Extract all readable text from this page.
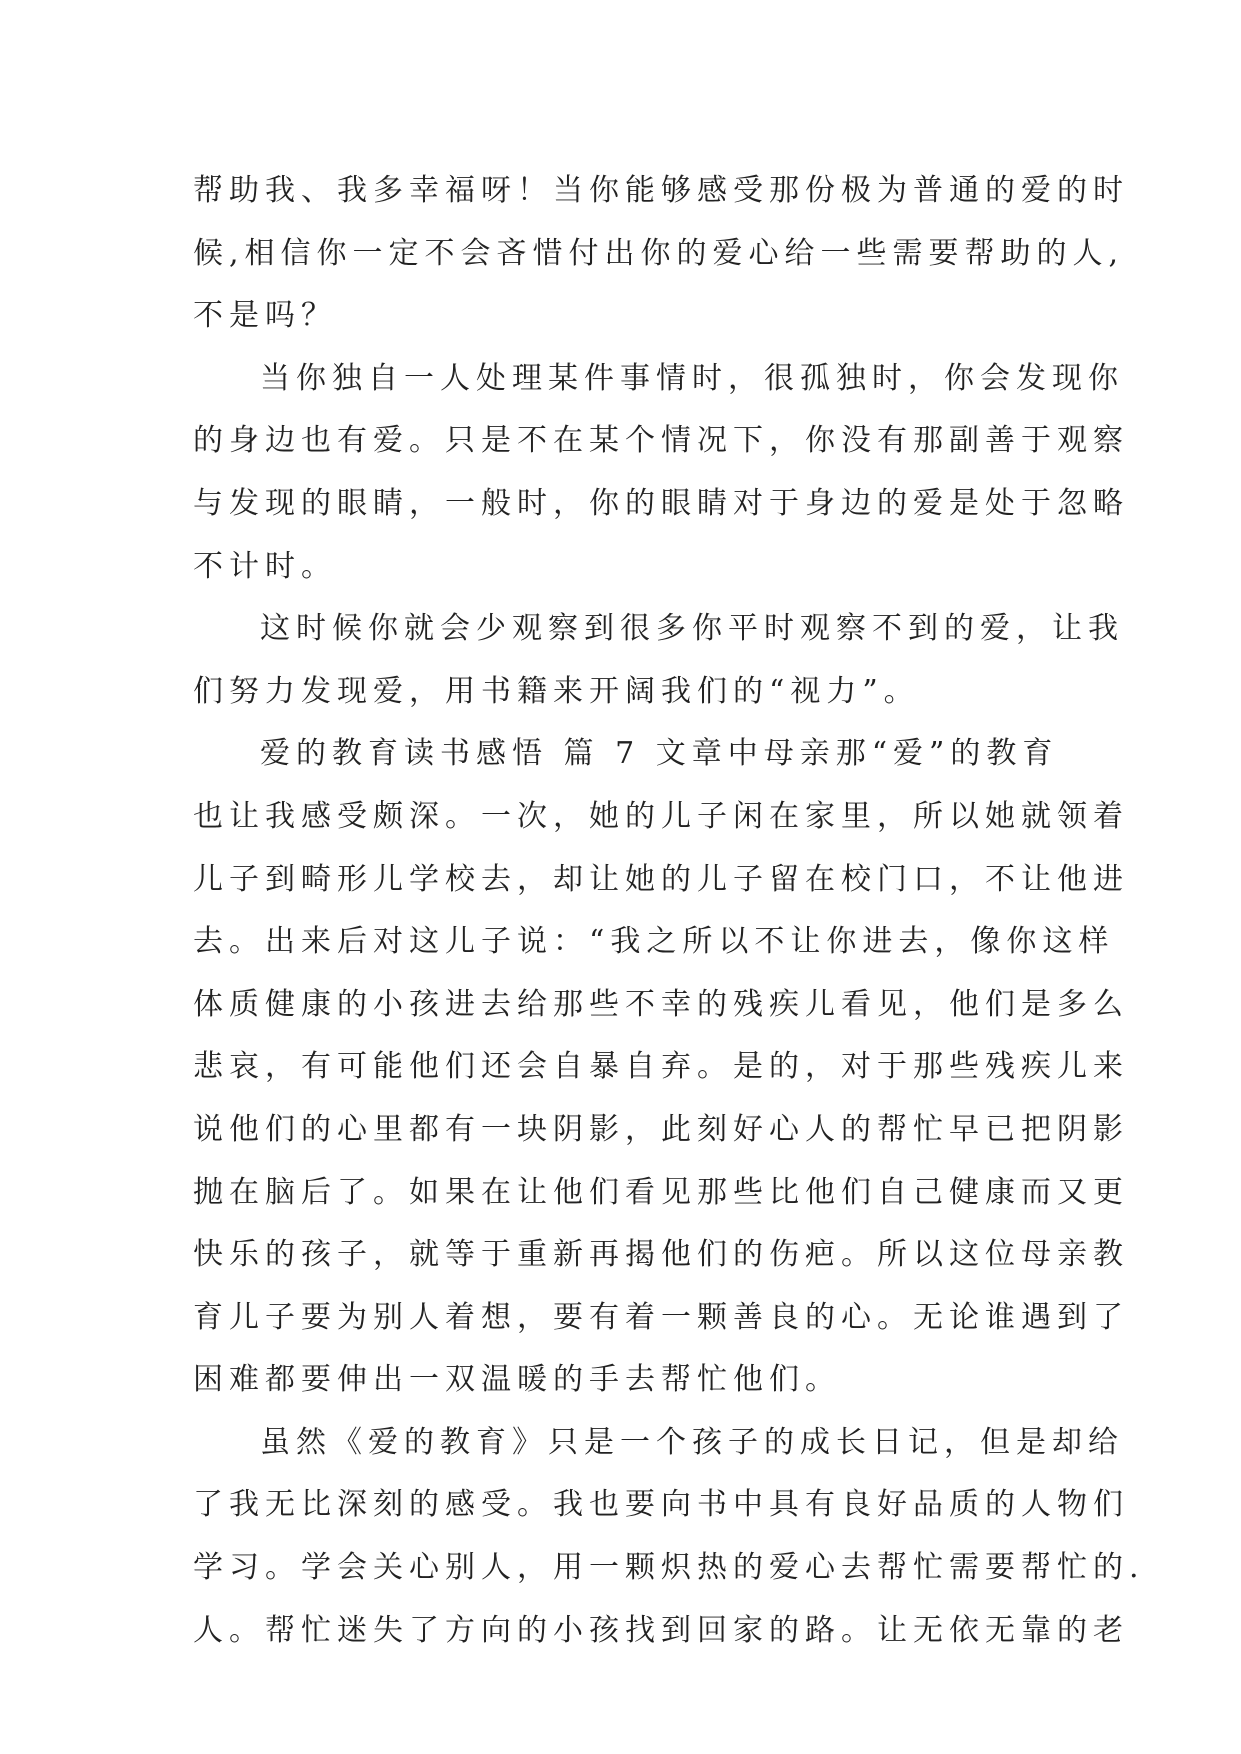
帮助我、我多幸福呀！当你能够感受那份极为普通的爱的时
候,相信你一定不会吝惜付出你的爱心给一些需要帮助的人,
不是吗？
当你独自一人处理某件事情时，很孤独时，你会发现你
的身边也有爱。只是不在某个情况下，你没有那副善于观察
与发现的眼睛，一般时，你的眼睛对于身边的爱是处于忽略
不计时。
这时候你就会少观察到很多你平时观察不到的爱，让我
们努力发现爱，用书籍来开阔我们的“视力”。
爱的教育读书感悟 篇 7 文章中母亲那“爱”的教育
也让我感受颇深。一次，她的儿子闲在家里，所以她就领着
儿子到畸形儿学校去，却让她的儿子留在校门口，不让他进
去。出来后对这儿子说：“我之所以不让你进去，像你这样
体质健康的小孩进去给那些不幸的残疾儿看见，他们是多么
悲哀，有可能他们还会自暴自弃。是的，对于那些残疾儿来
说他们的心里都有一块阴影，此刻好心人的帮忙早已把阴影
抛在脑后了。如果在让他们看见那些比他们自己健康而又更
快乐的孩子，就等于重新再揭他们的伤疤。所以这位母亲教
育儿子要为别人着想，要有着一颗善良的心。无论谁遇到了
困难都要伸出一双温暖的手去帮忙他们。
虽然《爱的教育》只是一个孩子的成长日记，但是却给
了我无比深刻的感受。我也要向书中具有良好品质的人物们
学习。学会关心别人，用一颗炽热的爱心去帮忙需要帮忙的.
人。帮忙迷失了方向的小孩找到回家的路。让无依无靠的老
